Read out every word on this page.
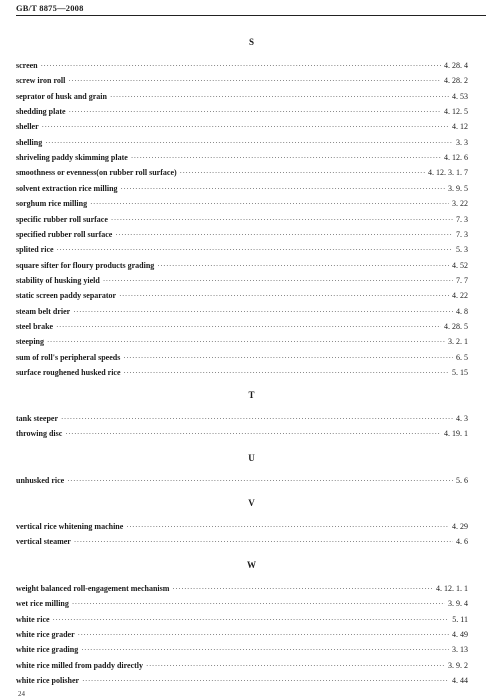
GB/T 8875—2008
S
screen ·····	4. 28. 4
screw iron roll ·····	4. 28. 2
seprator of husk and grain ·····	4. 53
shedding plate ·····	4. 12. 5
sheller ·····	4. 12
shelling ·····	3. 3
shriveling paddy skimming plate ·····	4. 12. 6
smoothness or evenness(on rubber roll surface) ·····	4. 12. 3. 1. 7
solvent extraction rice milling ·····	3. 9. 5
sorghum rice milling ·····	3. 22
specific rubber roll surface ·····	7. 3
specified rubber roll surface ·····	7. 3
splited rice ·····	5. 3
square sifter for floury products grading ·····	4. 52
stability of husking yield ·····	7. 7
static screen paddy separator ·····	4. 22
steam belt drier ·····	4. 8
steel brake ·····	4. 28. 5
steeping ·····	3. 2. 1
sum of roll's peripheral speeds ·····	6. 5
surface roughened husked rice ·····	5. 15
T
tank steeper ·····	4. 3
throwing disc ·····	4. 19. 1
U
unhusked rice ·····	5. 6
V
vertical rice whitening machine ·····	4. 29
vertical steamer ·····	4. 6
W
weight balanced roll-engagement mechanism ·····	4. 12. 1. 1
wet rice milling ·····	3. 9. 4
white rice ·····	5. 11
white rice grader ·····	4. 49
white rice grading ·····	3. 13
white rice milled from paddy directly ·····	3. 9. 2
white rice polisher ·····	4. 44
24
